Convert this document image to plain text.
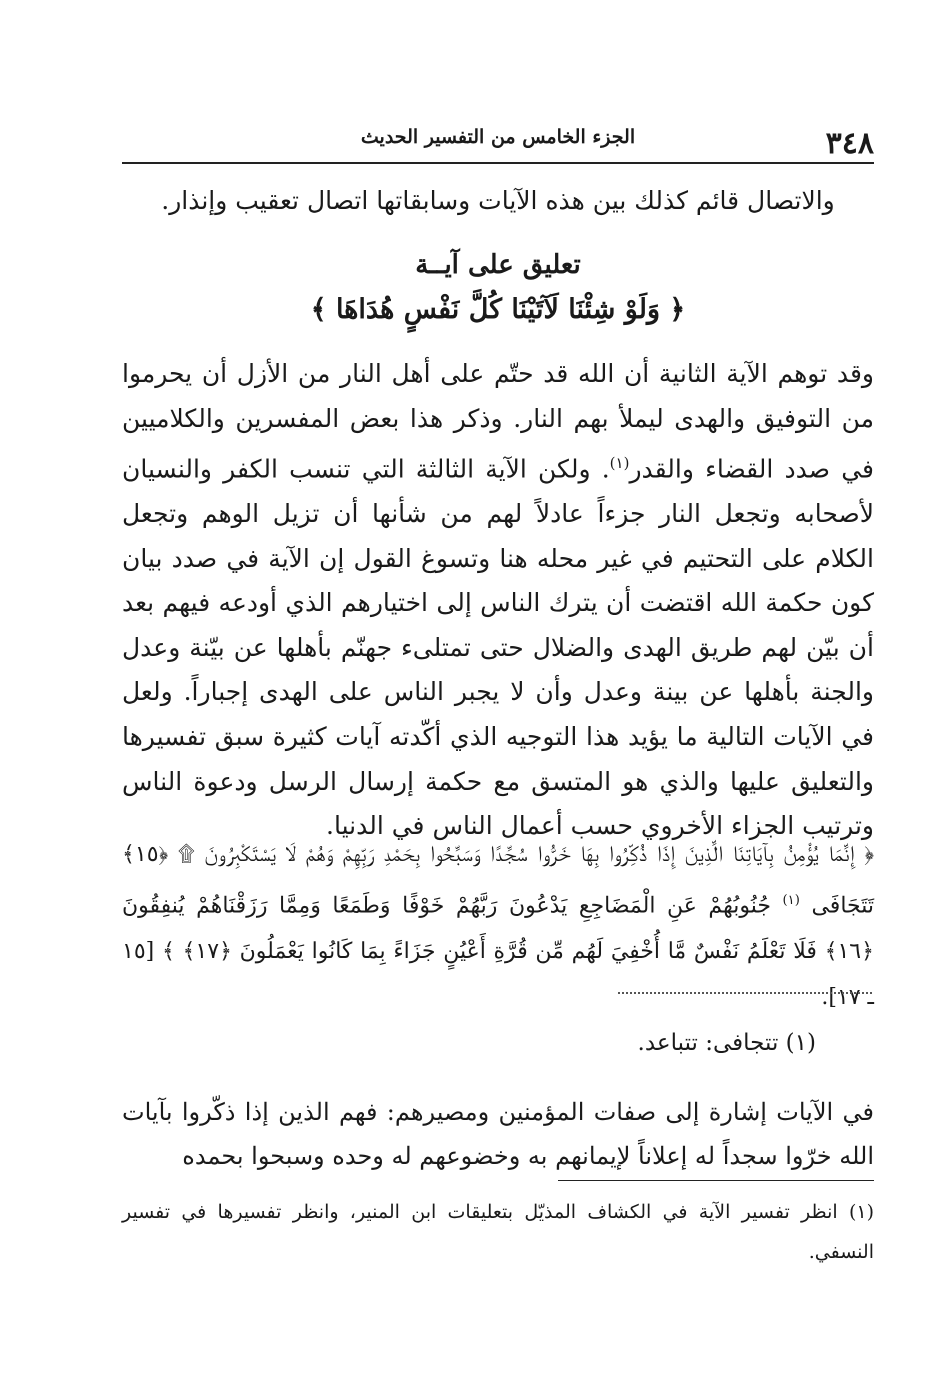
٣٤٨
الجزء الخامس من التفسير الحديث
والاتصال قائم كذلك بين هذه الآيات وسابقاتها اتصال تعقيب وإنذار.
تعليق على آيــة
﴿ وَلَوْ شِئْنَا لَآتَيْنَا كُلَّ نَفْسٍ هُدَاهَا ﴾
وقد توهم الآية الثانية أن الله قد حتّم على أهل النار من الأزل أن يحرموا من التوفيق والهدى ليملأ بهم النار. وذكر هذا بعض المفسرين والكلاميين في صدد القضاء والقدر$^{(١)}$. ولكن الآية الثالثة التي تنسب الكفر والنسيان لأصحابه وتجعل النار جزءاً عادلاً لهم من شأنها أن تزيل الوهم وتجعل الكلام على التحتيم في غير محله هنا وتسوغ القول إن الآية في صدد بيان كون حكمة الله اقتضت أن يترك الناس إلى اختيارهم الذي أودعه فيهم بعد أن بيّن لهم طريق الهدى والضلال حتى تمتلىء جهنّم بأهلها عن بيّنة وعدل والجنة بأهلها عن بينة وعدل وأن لا يجبر الناس على الهدى إجباراً. ولعل في الآيات التالية ما يؤيد هذا التوجيه الذي أكّدته آيات كثيرة سبق تفسيرها والتعليق عليها والذي هو المتسق مع حكمة إرسال الرسل ودعوة الناس وترتيب الجزاء الأخروي حسب أعمال الناس في الدنيا.
﴿ إِنَّمَا يُؤْمِنُ بِآيَاتِنَا الَّذِينَ إِذَا ذُكِّرُوا بِهَا خَرُّوا سُجَّدًا وَسَبَّحُوا بِحَمْدِ رَبِّهِمْ وَهُمْ لَا يَسْتَكْبِرُونَ ۩ ﴿١٥﴾ تَتَجَافَى $^{(١)}$ جُنُوبُهُمْ عَنِ الْمَضَاجِعِ يَدْعُونَ رَبَّهُمْ خَوْفًا وَطَمَعًا وَمِمَّا رَزَقْنَاهُمْ يُنفِقُونَ ﴿١٦﴾ فَلَا تَعْلَمُ نَفْسٌ مَّا أُخْفِيَ لَهُم مِّن قُرَّةِ أَعْيُنٍ جَزَاءً بِمَا كَانُوا يَعْمَلُونَ ﴿١٧﴾ ﴾ [١٥ ـ ١٧].
(١) تتجافى: تتباعد.
في الآيات إشارة إلى صفات المؤمنين ومصيرهم: فهم الذين إذا ذكّروا بآيات الله خرّوا سجداً له إعلاناً لإيمانهم به وخضوعهم له وحده وسبحوا بحمده
(١) انظر تفسير الآية في الكشاف المذيّل بتعليقات ابن المنير، وانظر تفسيرها في تفسير النسفي.
